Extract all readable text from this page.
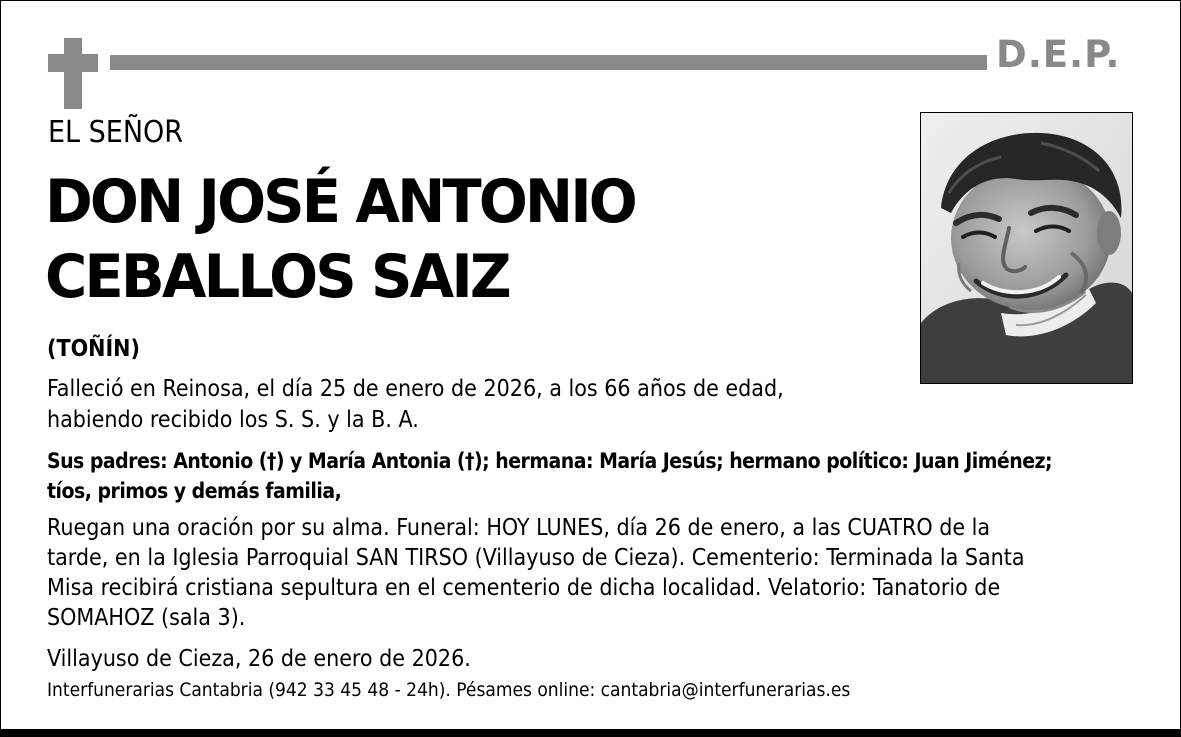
D.E.P.
EL SEÑOR
DON JOSÉ ANTONIO
CEBALLOS SAIZ
(TOÑÍN)
Falleció en Reinosa, el día 25 de enero de 2026, a los 66 años de edad,
habiendo recibido los S. S. y la B. A.
Sus padres: Antonio (†) y María Antonia (†); hermana: María Jesús; hermano político: Juan Jiménez;
tíos, primos y demás familia,
Ruegan una oración por su alma. Funeral: HOY LUNES, día 26 de enero, a las CUATRO de la
tarde, en la Iglesia Parroquial SAN TIRSO (Villayuso de Cieza). Cementerio: Terminada la Santa
Misa recibirá cristiana sepultura en el cementerio de dicha localidad. Velatorio: Tanatorio de
SOMAHOZ (sala 3).
Villayuso de Cieza, 26 de enero de 2026.
Interfunerarias Cantabria (942 33 45 48 - 24h). Pésames online: cantabria@interfunerarias.es
